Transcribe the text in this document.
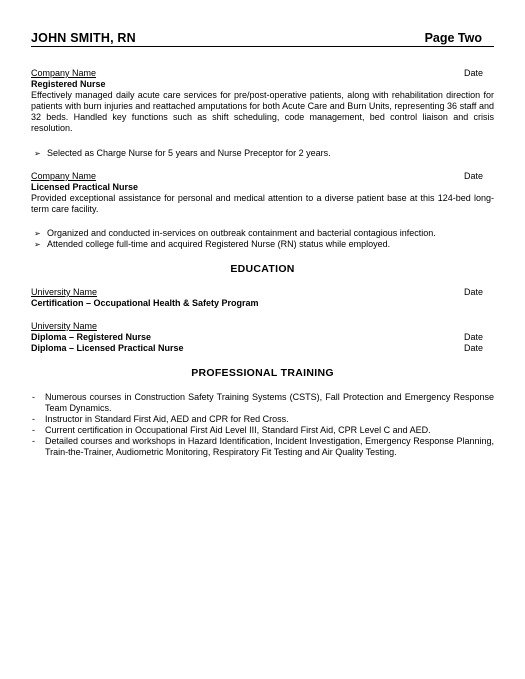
JOHN SMITH, RN	Page Two
Company Name	Date
Registered Nurse
Effectively managed daily acute care services for pre/post-operative patients, along with rehabilitation direction for patients with burn injuries and reattached amputations for both Acute Care and Burn Units, representing 36 staff and 32 beds. Handled key functions such as shift scheduling, code management, bed control liaison and crisis resolution.
➢ Selected as Charge Nurse for 5 years and Nurse Preceptor for 2 years.
Company Name	Date
Licensed Practical Nurse
Provided exceptional assistance for personal and medical attention to a diverse patient base at this 124-bed long-term care facility.
➢ Organized and conducted in-services on outbreak containment and bacterial contagious infection.
➢ Attended college full-time and acquired Registered Nurse (RN) status while employed.
EDUCATION
University Name	Date
Certification – Occupational Health & Safety Program
University Name
Diploma – Registered Nurse	Date
Diploma – Licensed Practical Nurse	Date
PROFESSIONAL TRAINING
- Numerous courses in Construction Safety Training Systems (CSTS), Fall Protection and Emergency Response Team Dynamics.
- Instructor in Standard First Aid, AED and CPR for Red Cross.
- Current certification in Occupational First Aid Level III, Standard First Aid, CPR Level C and AED.
- Detailed courses and workshops in Hazard Identification, Incident Investigation, Emergency Response Planning, Train-the-Trainer, Audiometric Monitoring, Respiratory Fit Testing and Air Quality Testing.
